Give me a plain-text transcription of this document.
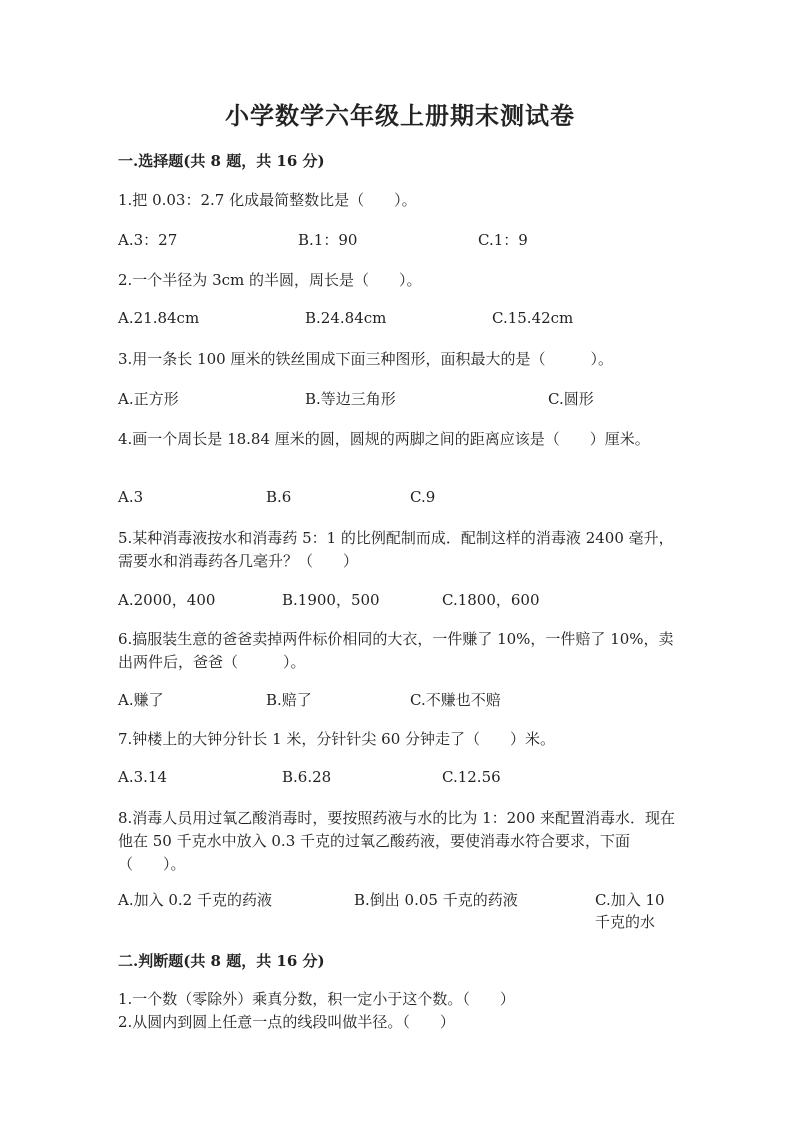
小学数学六年级上册期末测试卷
一.选择题(共 8 题，共 16 分)
1.把 0.03：2.7 化成最简整数比是（　　）。
A.3：27	B.1：90	C.1：9
2.一个半径为 3cm 的半圆，周长是（　　）。
A.21.84cm	B.24.84cm	C.15.42cm
3.用一条长 100 厘米的铁丝围成下面三种图形，面积最大的是（　　　）。
A.正方形	B.等边三角形	C.圆形
4.画一个周长是 18.84 厘米的圆，圆规的两脚之间的距离应该是（　　）厘米。
A.3	B.6	C.9
5.某种消毒液按水和消毒药 5：1 的比例配制而成．配制这样的消毒液 2400 毫升，需要水和消毒药各几毫升？（　　）
A.2000，400	B.1900，500	C.1800，600
6.搞服装生意的爸爸卖掉两件标价相同的大衣，一件赚了 10%，一件赔了 10%，卖出两件后，爸爸（　　　）。
A.赚了	B.赔了	C.不赚也不赔
7.钟楼上的大钟分针长 1 米，分针针尖 60 分钟走了（　　）米。
A.3.14	B.6.28	C.12.56
8.消毒人员用过氧乙酸消毒时，要按照药液与水的比为 1：200 来配置消毒水．现在他在 50 千克水中放入 0.3 千克的过氧乙酸药液，要使消毒水符合要求，下面（　　）。
A.加入 0.2 千克的药液	B.倒出 0.05 千克的药液	C.加入 10 千克的水
二.判断题(共 8 题，共 16 分)
1.一个数（零除外）乘真分数，积一定小于这个数。（　　）
2.从圆内到圆上任意一点的线段叫做半径。（　　）
